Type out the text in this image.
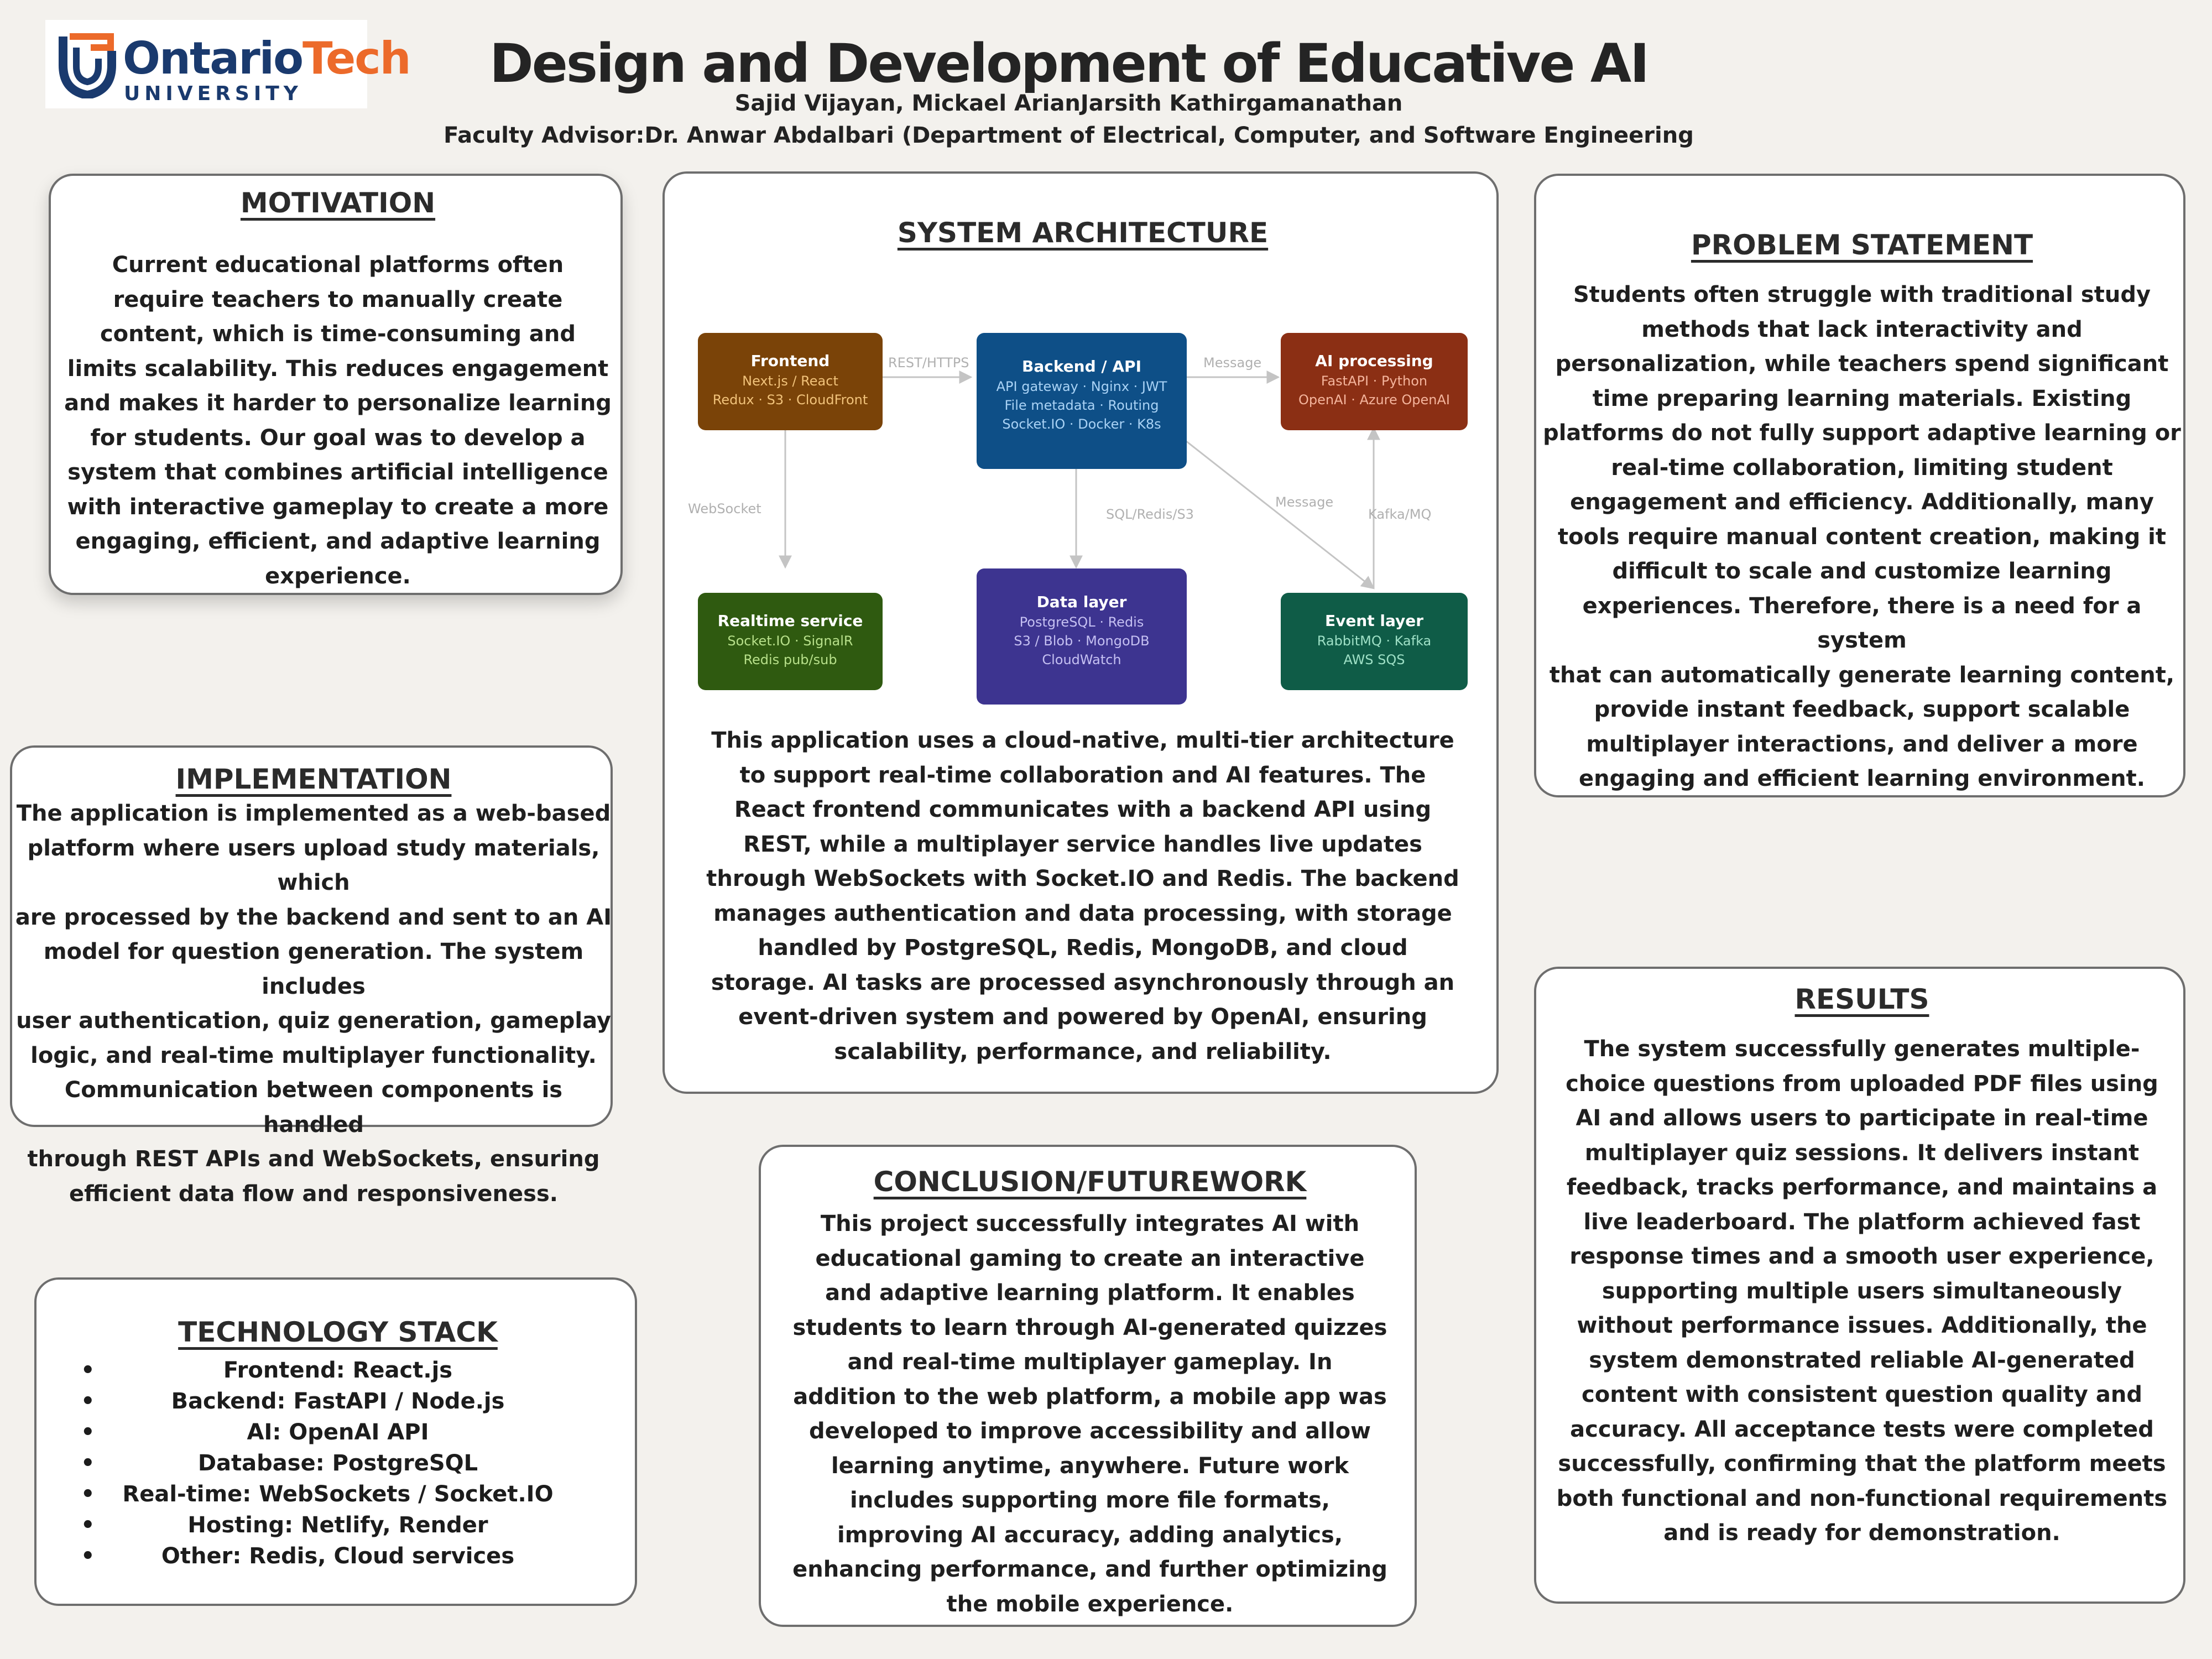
OntarioTech
UNIVERSITY	Design and Development of Educative AI
Sajid Vijayan, Mickael ArianJarsith Kathirgamanathan
Faculty Advisor:Dr. Anwar Abdalbari (Department of Electrical, Computer, and Software Engineering
MOTIVATION
Current educational platforms often
require teachers to manually create
content, which is time-consuming and
limits scalability. This reduces engagement
and makes it harder to personalize learning
for students. Our goal was to develop a
system that combines artificial intelligence
with interactive gameplay to create a more
engaging, efficient, and adaptive learning
experience.
IMPLEMENTATION
The application is implemented as a web-based
platform where users upload study materials, which
are processed by the backend and sent to an AI
model for question generation. The system includes
user authentication, quiz generation, gameplay
logic, and real-time multiplayer functionality.
Communication between components is handled
through REST APIs and WebSockets, ensuring
efficient data flow and responsiveness.
TECHNOLOGY STACK
•	Frontend: React.js
•	Backend: FastAPI / Node.js
•	AI: OpenAI API
•	Database: PostgreSQL
• Real-time: WebSockets / Socket.IO
•	Hosting: Netlify, Render
•	Other: Redis, Cloud services
SYSTEM ARCHITECTURE
REST/HTTPS	Message
WebSocket	SQL/Redis/S3
Message
Kafka/MQ
Frontend
Next.js / React
Redux · S3 · CloudFront
Backend / API
API gateway · Nginx · JWT
File metadata · Routing
Socket.IO · Docker · K8s
AI processing
FastAPI · Python
OpenAI · Azure OpenAI
Realtime service
Socket.IO · SignalR
Redis pub/sub
Data layer
PostgreSQL · Redis
S3 / Blob · MongoDB
CloudWatch
Event layer
RabbitMQ · Kafka
AWS SQS
This application uses a cloud-native, multi-tier architecture
to support real-time collaboration and AI features. The
React frontend communicates with a backend API using
REST, while a multiplayer service handles live updates
through WebSockets with Socket.IO and Redis. The backend
manages authentication and data processing, with storage
handled by PostgreSQL, Redis, MongoDB, and cloud
storage. AI tasks are processed asynchronously through an
event-driven system and powered by OpenAI, ensuring
scalability, performance, and reliability.
CONCLUSION/FUTUREWORK
This project successfully integrates AI with
educational gaming to create an interactive
and adaptive learning platform. It enables
students to learn through AI-generated quizzes
and real-time multiplayer gameplay. In
addition to the web platform, a mobile app was
developed to improve accessibility and allow
learning anytime, anywhere. Future work
includes supporting more file formats,
improving AI accuracy, adding analytics,
enhancing performance, and further optimizing
the mobile experience.
PROBLEM STATEMENT
Students often struggle with traditional study
methods that lack interactivity and
personalization, while teachers spend significant
time preparing learning materials. Existing
platforms do not fully support adaptive learning or
real-time collaboration, limiting student
engagement and efficiency. Additionally, many
tools require manual content creation, making it
difficult to scale and customize learning
experiences. Therefore, there is a need for a system
that can automatically generate learning content,
provide instant feedback, support scalable
multiplayer interactions, and deliver a more
engaging and efficient learning environment.
RESULTS
The system successfully generates multiple-
choice questions from uploaded PDF files using
AI and allows users to participate in real-time
multiplayer quiz sessions. It delivers instant
feedback, tracks performance, and maintains a
live leaderboard. The platform achieved fast
response times and a smooth user experience,
supporting multiple users simultaneously
without performance issues. Additionally, the
system demonstrated reliable AI-generated
content with consistent question quality and
accuracy. All acceptance tests were completed
successfully, confirming that the platform meets
both functional and non-functional requirements
and is ready for demonstration.
